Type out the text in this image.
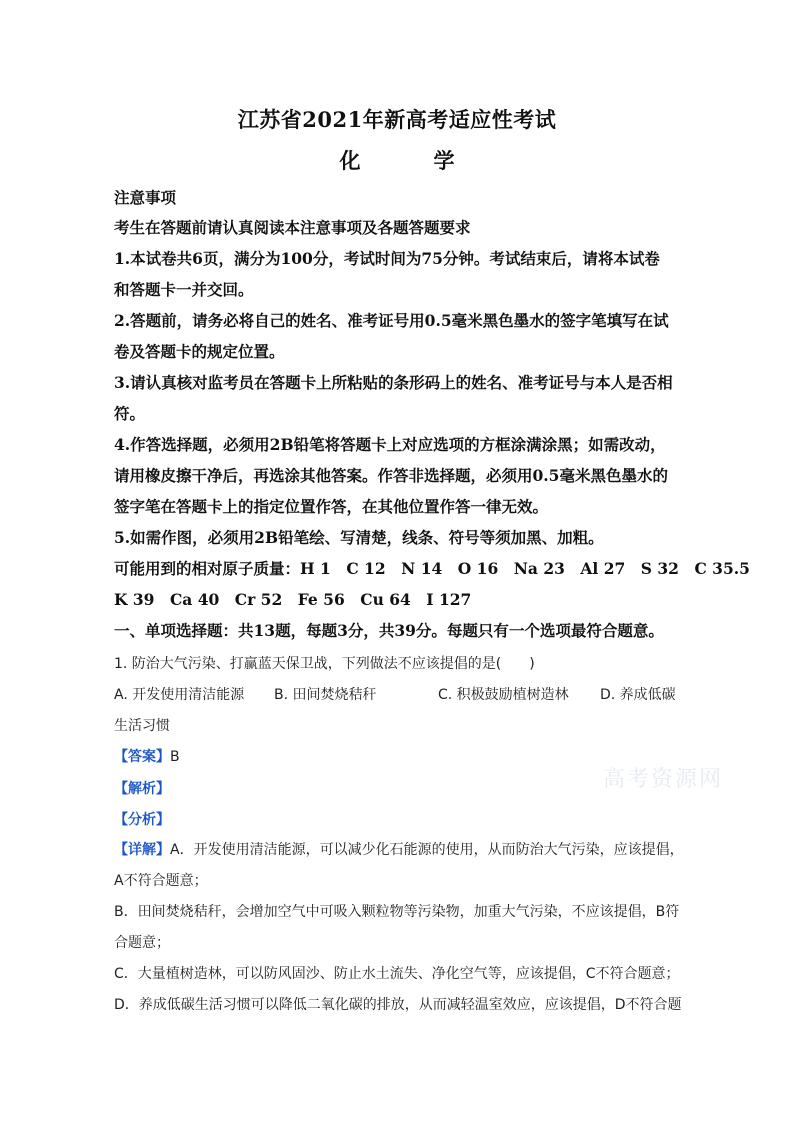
江苏省2021年新高考适应性考试
化　学
注意事项
考生在答题前请认真阅读本注意事项及各题答题要求
1.本试卷共6页，满分为100分，考试时间为75分钟。考试结束后，请将本试卷
和答题卡一并交回。
2.答题前，请务必将自己的姓名、准考证号用0.5毫米黑色墨水的签字笔填写在试
卷及答题卡的规定位置。
3.请认真核对监考员在答题卡上所粘贴的条形码上的姓名、准考证号与本人是否相
符。
4.作答选择题，必须用2B铅笔将答题卡上对应选项的方框涂满涂黑；如需改动，
请用橡皮擦干净后，再选涂其他答案。作答非选择题，必须用0.5毫米黑色墨水的
签字笔在答题卡上的指定位置作答，在其他位置作答一律无效。
5.如需作图，必须用2B铅笔绘、写清楚，线条、符号等须加黑、加粗。
可能用到的相对原子质量：H 1　C 12　N 14　O 16　Na 23　Al 27　S 32　C 35.5
K 39　Ca 40　Cr 52　Fe 56　Cu 64　I 127
一、单项选择题：共13题，每题3分，共39分。每题只有一个选项最符合题意。
1. 防治大气污染、打赢蓝天保卫战，下列做法不应该提倡的是(　　)
A. 开发使用清洁能源 B. 田间焚烧秸秆	C. 积极鼓励植树造林 D. 养成低碳
生活习惯
【答案】B
【解析】
【分析】
【详解】A．开发使用清洁能源，可以减少化石能源的使用，从而防治大气污染，应该提倡，
A不符合题意；
B．田间焚烧秸秆，会增加空气中可吸入颗粒物等污染物，加重大气污染，不应该提倡，B符
合题意；
C．大量植树造林，可以防风固沙、防止水土流失、净化空气等，应该提倡，C不符合题意；
D．养成低碳生活习惯可以降低二氧化碳的排放，从而减轻温室效应，应该提倡，D不符合题
高考资源网
